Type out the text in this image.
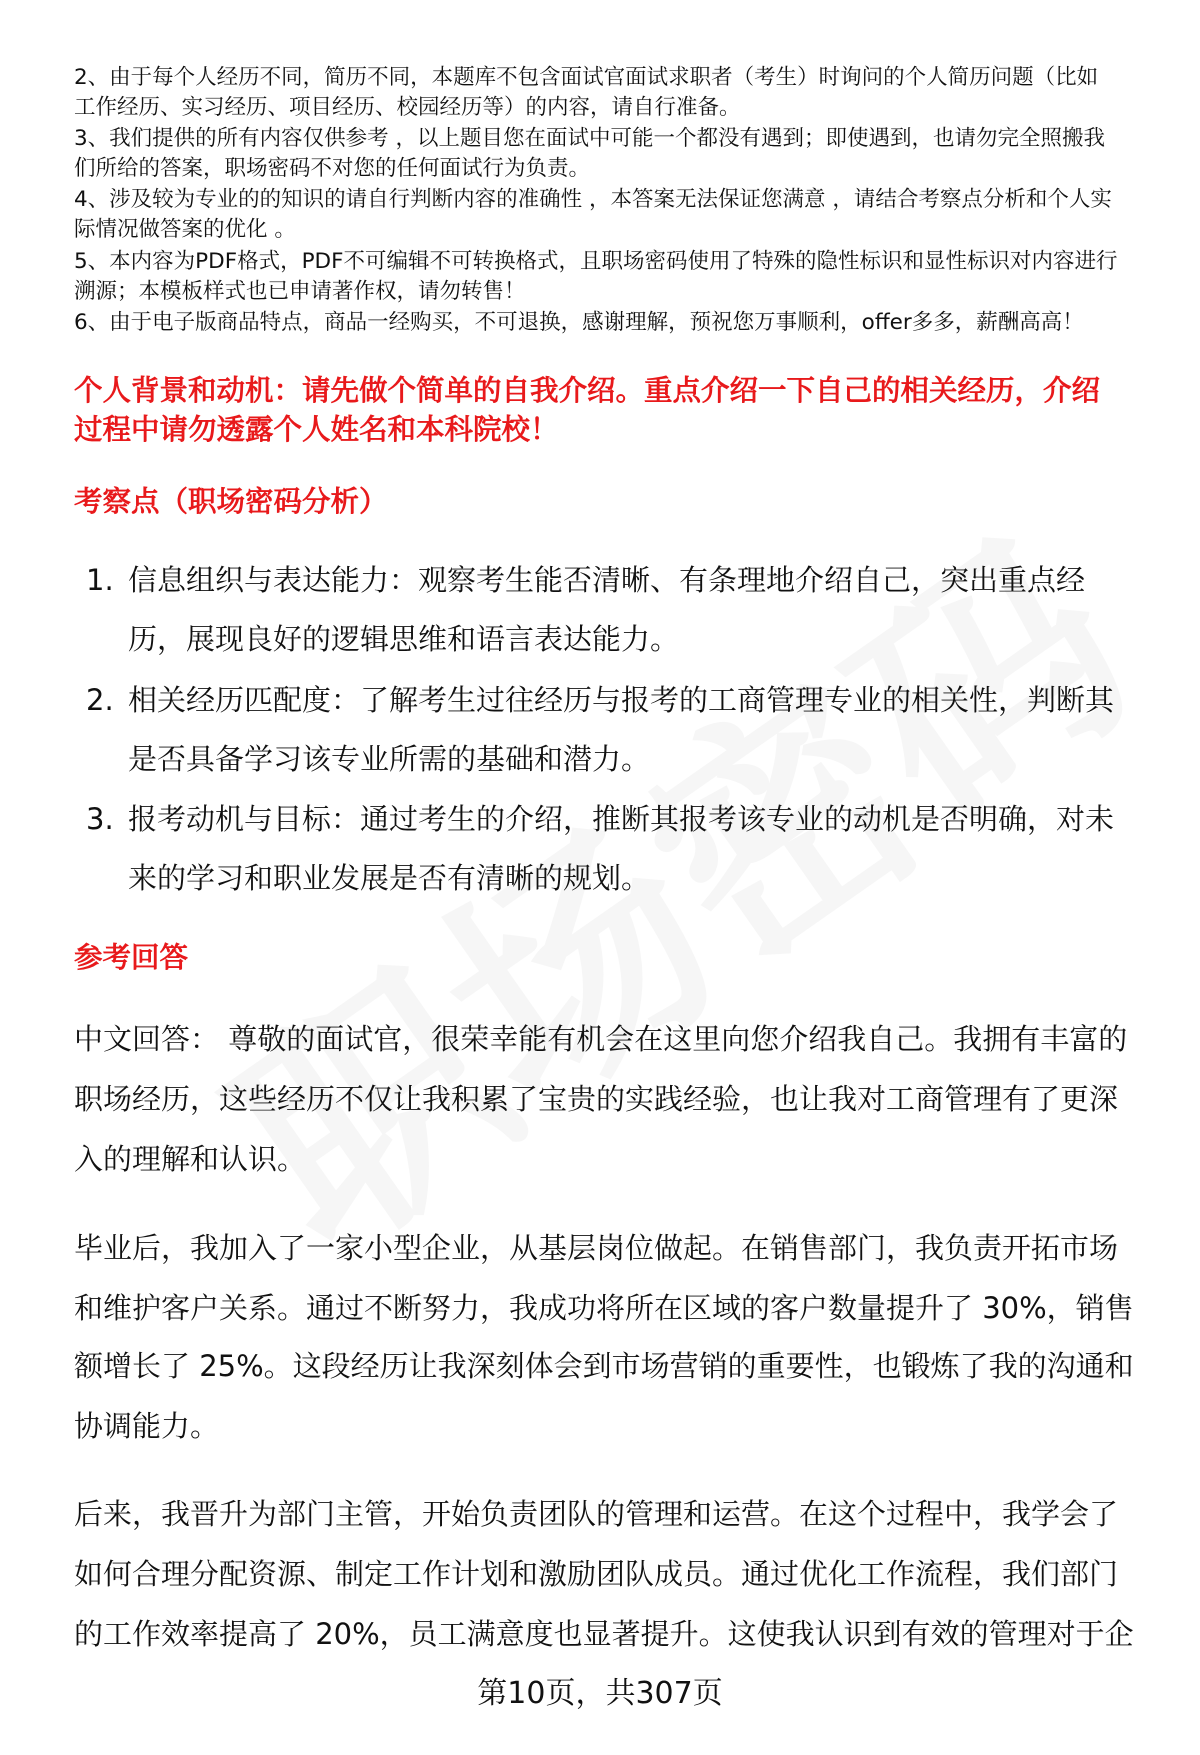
2、由于每个人经历不同，简历不同，本题库不包含面试官面试求职者（考生）时询问的个人简历问题（比如
工作经历、实习经历、项目经历、校园经历等）的内容，请自行准备。
3、我们提供的所有内容仅供参考 ，以上题目您在面试中可能一个都没有遇到；即使遇到，也请勿完全照搬我
们所给的答案，职场密码不对您的任何面试行为负责。
4、涉及较为专业的的知识的请自行判断内容的准确性 ，本答案无法保证您满意 ，请结合考察点分析和个人实
际情况做答案的优化 。
5、本内容为PDF格式，PDF不可编辑不可转换格式，且职场密码使用了特殊的隐性标识和显性标识对内容进行
溯源；本模板样式也已申请著作权，请勿转售！
6、由于电子版商品特点，商品一经购买，不可退换，感谢理解，预祝您万事顺利，offer多多，薪酬高高！
个人背景和动机：请先做个简单的自我介绍。重点介绍一下自己的相关经历，介绍
过程中请勿透露个人姓名和本科院校！
考察点（职场密码分析）
1. 信息组织与表达能力：观察考生能否清晰、有条理地介绍自己，突出重点经
历，展现良好的逻辑思维和语言表达能力。
2. 相关经历匹配度：了解考生过往经历与报考的工商管理专业的相关性，判断其
是否具备学习该专业所需的基础和潜力。
3. 报考动机与目标：通过考生的介绍，推断其报考该专业的动机是否明确，对未
来的学习和职业发展是否有清晰的规划。
参考回答
中文回答： 尊敬的面试官，很荣幸能有机会在这里向您介绍我自己。我拥有丰富的
职场经历，这些经历不仅让我积累了宝贵的实践经验，也让我对工商管理有了更深
入的理解和认识。
毕业后，我加入了一家小型企业，从基层岗位做起。在销售部门，我负责开拓市场
和维护客户关系。通过不断努力，我成功将所在区域的客户数量提升了 30%，销售
额增长了 25%。这段经历让我深刻体会到市场营销的重要性，也锻炼了我的沟通和
协调能力。
后来，我晋升为部门主管，开始负责团队的管理和运营。在这个过程中，我学会了
如何合理分配资源、制定工作计划和激励团队成员。通过优化工作流程，我们部门
的工作效率提高了 20%，员工满意度也显著提升。这使我认识到有效的管理对于企
第10页，共307页
